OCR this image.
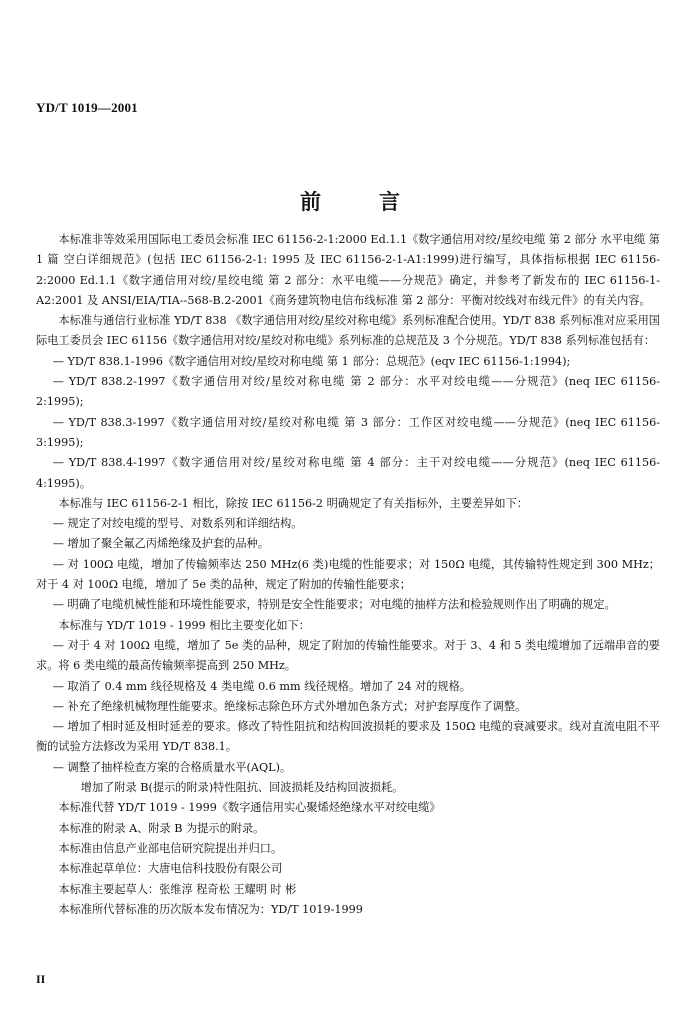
YD/T 1019—2001
前言

本标准非等效采用国际电工委员会标准 IEC 61156-2-1:2000 Ed.1.1《数字通信用对绞/星绞电缆 第 2 部分 水平电缆 第 1 篇 空白详细规范》(包括 IEC 61156-2-1: 1995 及 IEC 61156-2-1-A1:1999)进行编写，具体指标根据 IEC 61156-2:2000 Ed.1.1《数字通信用对绞/星绞电缆 第 2 部分：水平电缆——分规范》确定，并参考了新发布的 IEC 61156-1-A2:2001 及 ANSI/EIA/TIA--568-B.2-2001《商务建筑物电信布线标准 第 2 部分：平衡对绞线对布线元件》的有关内容。

本标准与通信行业标准 YD/T 838 《数字通信用对绞/星绞对称电缆》系列标准配合使用。YD/T 838 系列标准对应采用国际电工委员会 IEC 61156《数字通信用对绞/星绞对称电缆》系列标准的总规范及 3 个分规范。YD/T 838 系列标准包括有：

— YD/T 838.1-1996《数字通信用对绞/星绞对称电缆 第 1 部分：总规范》(eqv IEC 61156-1:1994);

— YD/T 838.2-1997《数字通信用对绞/星绞对称电缆 第 2 部分：水平对绞电缆——分规范》(neq IEC 61156-2:1995);

— YD/T 838.3-1997《数字通信用对绞/星绞对称电缆 第 3 部分：工作区对绞电缆——分规范》(neq IEC 61156-3:1995);

— YD/T 838.4-1997《数字通信用对绞/星绞对称电缆 第 4 部分：主干对绞电缆——分规范》(neq IEC 61156-4:1995)。

本标准与 IEC 61156-2-1 相比，除按 IEC 61156-2 明确规定了有关指标外，主要差异如下：

— 规定了对绞电缆的型号、对数系列和详细结构。

— 增加了聚全氟乙丙烯绝缘及护套的品种。

— 对 100Ω 电缆，增加了传输频率达 250 MHz(6 类)电缆的性能要求；对 150Ω 电缆，其传输特性规定到 300 MHz；对于 4 对 100Ω 电缆，增加了 5e 类的品种，规定了附加的传输性能要求；

— 明确了电缆机械性能和环境性能要求，特别是安全性能要求；对电缆的抽样方法和检验规则作出了明确的规定。

本标准与 YD/T 1019 - 1999 相比主要变化如下：

— 对于 4 对 100Ω 电缆，增加了 5e 类的品种，规定了附加的传输性能要求。对于 3、4 和 5 类电缆增加了远端串音的要求。将 6 类电缆的最高传输频率提高到 250 MHz。

— 取消了 0.4 mm 线径规格及 4 类电缆 0.6 mm 线径规格。增加了 24 对的规格。

— 补充了绝缘机械物理性能要求。绝缘标志除色环方式外增加色条方式；对护套厚度作了调整。

— 增加了相时延及相时延差的要求。修改了特性阻抗和结构回波损耗的要求及 150Ω 电缆的衰减要求。线对直流电阻不平衡的试验方法修改为采用 YD/T 838.1。

— 调整了抽样检查方案的合格质量水平(AQL)。

增加了附录 B(提示的附录)特性阻抗、回波损耗及结构回波损耗。

本标准代替 YD/T 1019 - 1999《数字通信用实心聚烯烃绝缘水平对绞电缆》

本标准的附录 A、附录 B 为提示的附录。

本标准由信息产业部电信研究院提出并归口。

本标准起草单位：大唐电信科技股份有限公司

本标准主要起草人：张维淳 程奇松 王耀明 时 彬

本标准所代替标准的历次版本发布情况为：YD/T 1019-1999

II
